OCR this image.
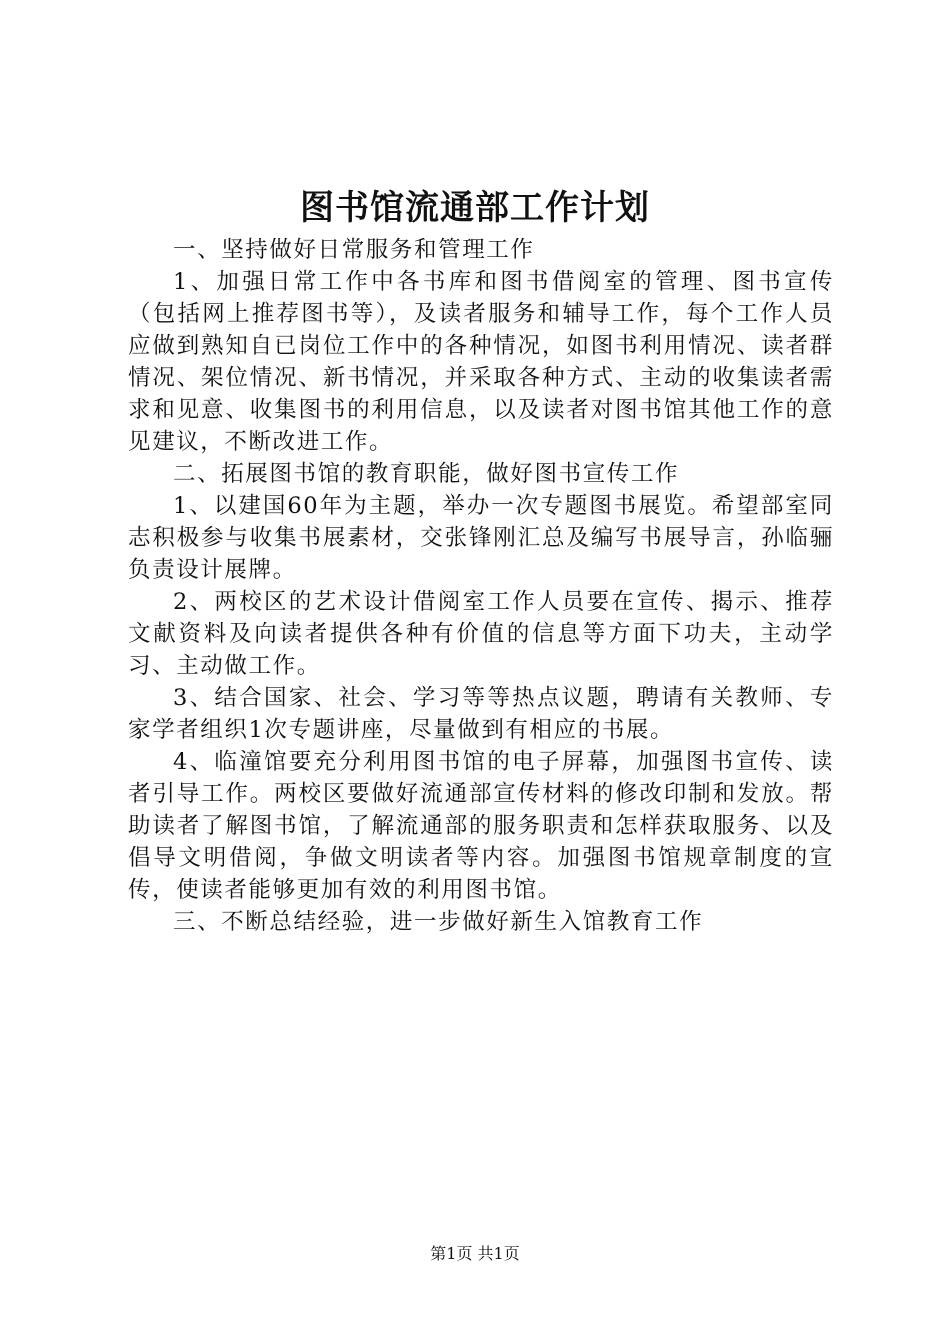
图书馆流通部工作计划

一、坚持做好日常服务和管理工作

1、加强日常工作中各书库和图书借阅室的管理、图书宣传（包括网上推荐图书等），及读者服务和辅导工作，每个工作人员应做到熟知自已岗位工作中的各种情况，如图书利用情况、读者群情况、架位情况、新书情况，并采取各种方式、主动的收集读者需求和见意、收集图书的利用信息，以及读者对图书馆其他工作的意见建议，不断改进工作。

二、拓展图书馆的教育职能，做好图书宣传工作

1、以建国60年为主题，举办一次专题图书展览。希望部室同志积极参与收集书展素材，交张锋刚汇总及编写书展导言，孙临骊负责设计展牌。

2、两校区的艺术设计借阅室工作人员要在宣传、揭示、推荐文献资料及向读者提供各种有价值的信息等方面下功夫，主动学习、主动做工作。

3、结合国家、社会、学习等等热点议题，聘请有关教师、专家学者组织1次专题讲座，尽量做到有相应的书展。

4、临潼馆要充分利用图书馆的电子屏幕，加强图书宣传、读者引导工作。两校区要做好流通部宣传材料的修改印制和发放。帮助读者了解图书馆，了解流通部的服务职责和怎样获取服务、以及倡导文明借阅，争做文明读者等内容。加强图书馆规章制度的宣传，使读者能够更加有效的利用图书馆。

三、不断总结经验，进一步做好新生入馆教育工作

第1页 共1页
